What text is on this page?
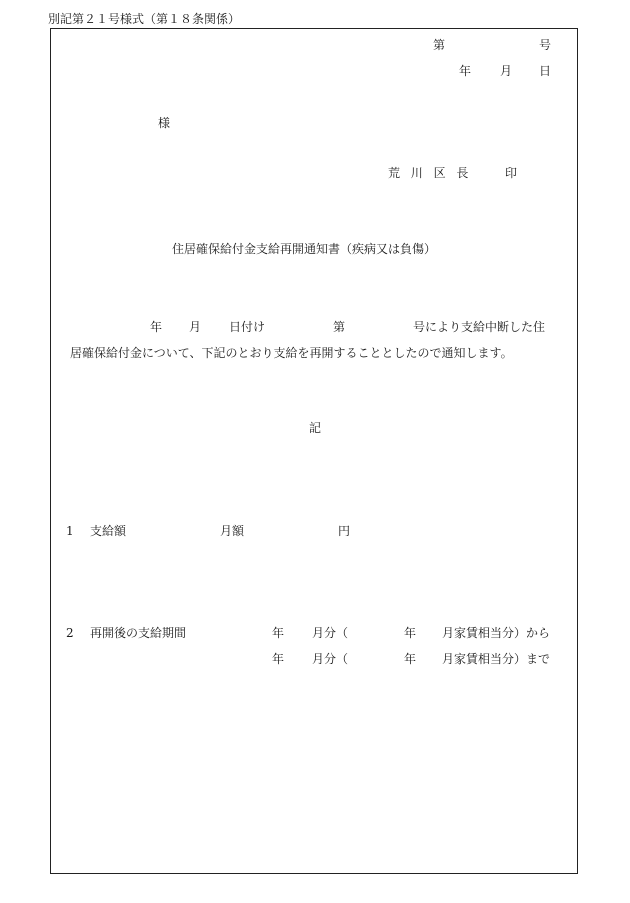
別記第２１号様式（第１８条関係）
第	号
年 月 日
様
荒川区長 印
住居確保給付金支給再開通知書（疾病又は負傷）
年 月 日付け	第	号により支給中断した住
居確保給付金について、下記のとおり支給を再開することとしたので通知します。
記
1 支給額	月額	円
2 再開後の支給期間	年 月分（	年 月家賃相当分）から
年 月分（	年 月家賃相当分）まで
